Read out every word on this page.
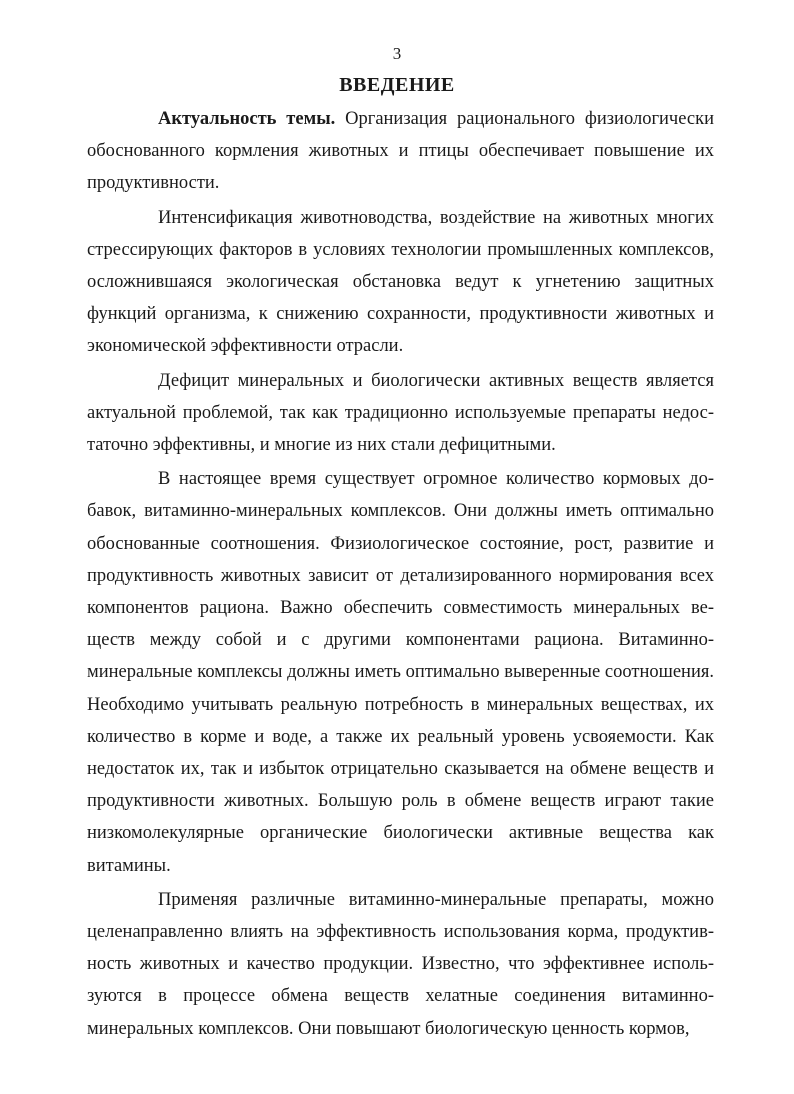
3
ВВЕДЕНИЕ

Актуальность темы. Организация рационального физиологически обоснованного кормления животных и птицы обеспечивает повышение их продуктивности.

Интенсификация животноводства, воздействие на животных многих стрессирующих факторов в условиях технологии промышленных комплексов, осложнившаяся экологическая обстановка ведут к угнетению защитных функций организма, к снижению сохранности, продуктивности животных и экономической эффективности отрасли.

Дефицит минеральных и биологически активных веществ является актуальной проблемой, так как традиционно используемые препараты недостаточно эффективны, и многие из них стали дефицитными.

В настоящее время существует огромное количество кормовых добавок, витаминно-минеральных комплексов. Они должны иметь оптимально обоснованные соотношения. Физиологическое состояние, рост, развитие и продуктивность животных зависит от детализированного нормирования всех компонентов рациона. Важно обеспечить совместимость минеральных веществ между собой и с другими компонентами рациона. Витаминно-минеральные комплексы должны иметь оптимально выверенные соотношения. Необходимо учитывать реальную потребность в минеральных веществах, их количество в корме и воде, а также их реальный уровень усвояемости. Как недостаток их, так и избыток отрицательно сказывается на обмене веществ и продуктивности животных. Большую роль в обмене веществ играют такие низкомолекулярные органические биологически активные вещества как витамины.

Применяя различные витаминно-минеральные препараты, можно целенаправленно влиять на эффективность использования корма, продуктивность животных и качество продукции. Известно, что эффективнее используются в процессе обмена веществ хелатные соединения витаминно-минеральных комплексов. Они повышают биологическую ценность кормов,
